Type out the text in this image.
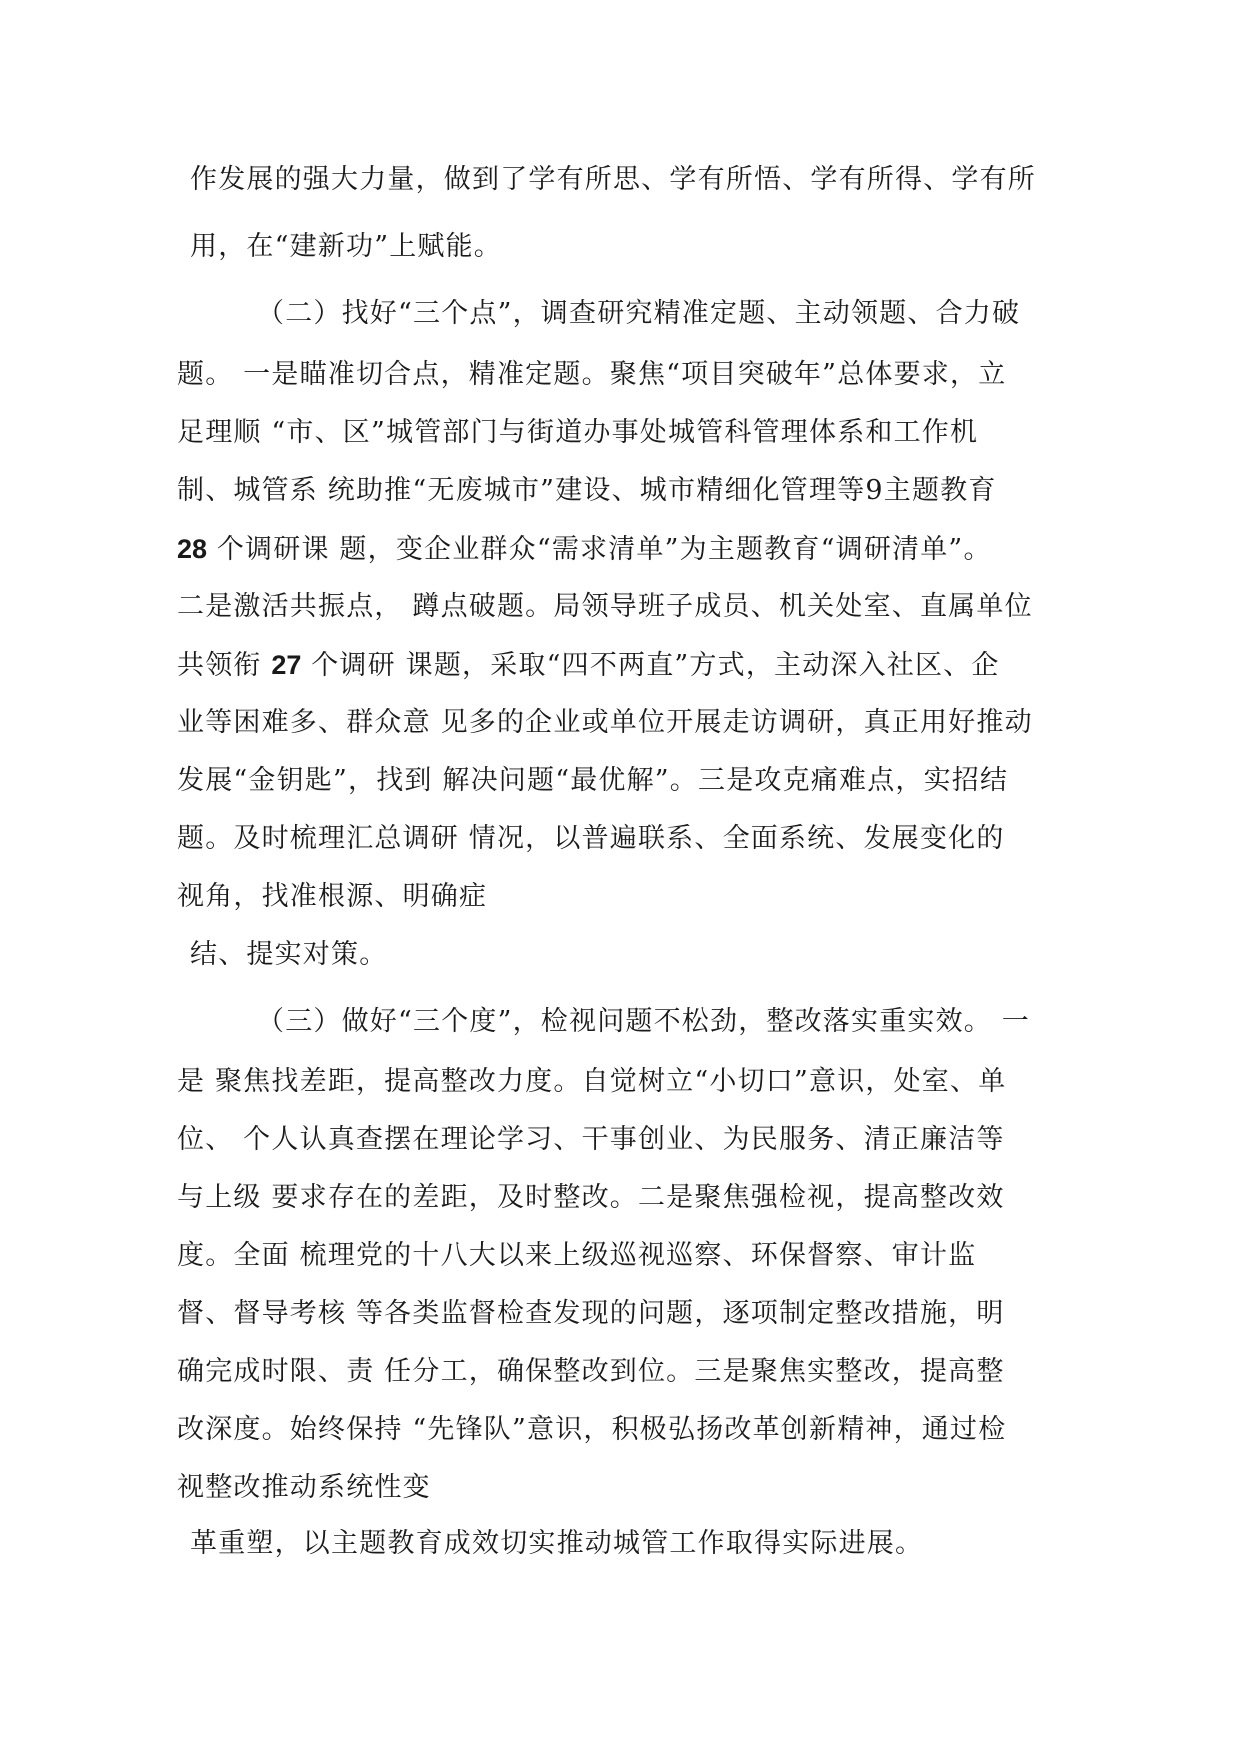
作发展的强大力量，做到了学有所思、学有所悟、学有所得、学有所
用，在“建新功”上赋能。
（二）找好“三个点”，调查研究精准定题、主动领题、合力破
题。 一是瞄准切合点，精准定题。聚焦“项目突破年”总体要求，立
足理顺 “市、区”城管部门与街道办事处城管科管理体系和工作机
制、城管系 统助推“无废城市”建设、城市精细化管理等9主题教育
28 个调研课 题，变企业群众“需求清单”为主题教育“调研清单”。
二是激活共振点， 蹲点破题。局领导班子成员、机关处室、直属单位
共领衔 27 个调研 课题，采取“四不两直”方式，主动深入社区、企
业等困难多、群众意 见多的企业或单位开展走访调研，真正用好推动
发展“金钥匙”，找到 解决问题“最优解”。三是攻克痛难点，实招结
题。及时梳理汇总调研 情况，以普遍联系、全面系统、发展变化的
视角，找准根源、明确症
结、提实对策。
（三）做好“三个度”，检视问题不松劲，整改落实重实效。 一
是 聚焦找差距，提高整改力度。自觉树立“小切口”意识，处室、单
位、 个人认真查摆在理论学习、干事创业、为民服务、清正廉洁等
与上级 要求存在的差距，及时整改。二是聚焦强检视，提高整改效
度。全面 梳理党的十八大以来上级巡视巡察、环保督察、审计监
督、督导考核 等各类监督检查发现的问题，逐项制定整改措施，明
确完成时限、责 任分工，确保整改到位。三是聚焦实整改，提高整
改深度。始终保持 “先锋队”意识，积极弘扬改革创新精神，通过检
视整改推动系统性变
革重塑，以主题教育成效切实推动城管工作取得实际进展。
